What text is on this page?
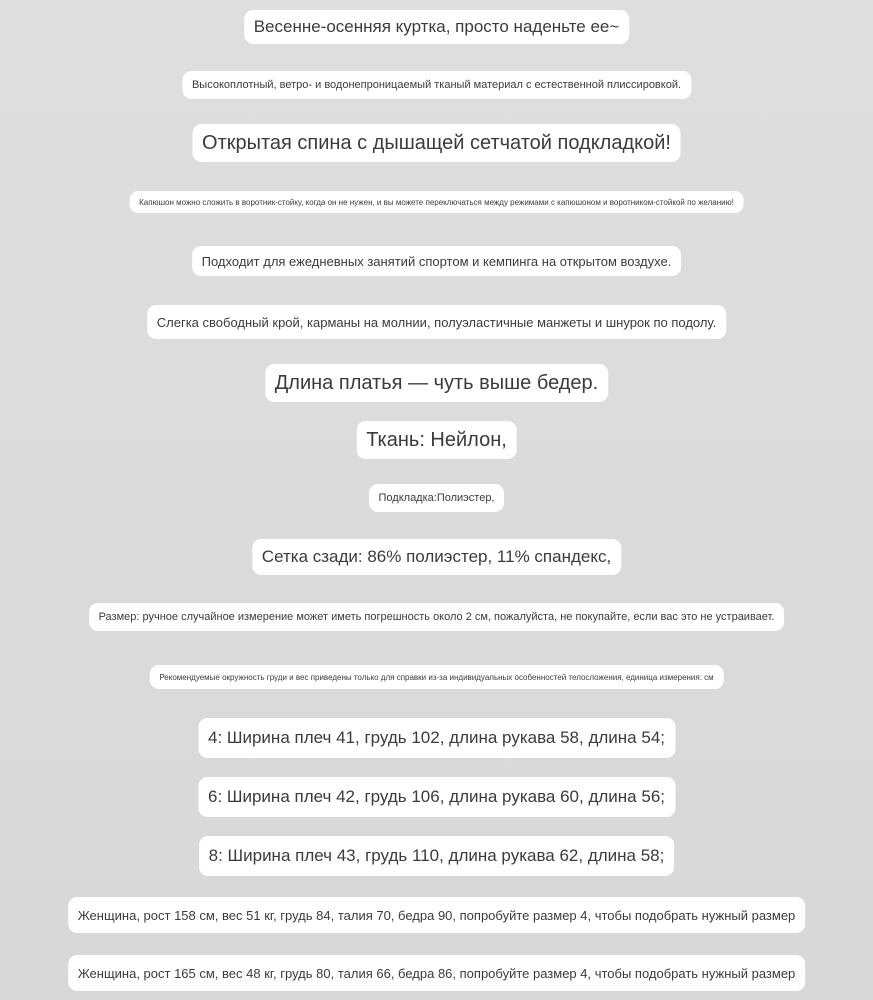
Весенне-осенняя куртка, просто наденьте ее~
Высокоплотный, ветро- и водонепроницаемый тканый материал с естественной плиссировкой.
Открытая спина с дышащей сетчатой подкладкой!
Капюшон можно сложить в воротник-стойку, когда он не нужен, и вы можете переключаться между режимами с капюшоном и воротником-стойкой по желанию!
Подходит для ежедневных занятий спортом и кемпинга на открытом воздухе.
Слегка свободный крой, карманы на молнии, полуэластичные манжеты и шнурок по подолу.
Длина платья — чуть выше бедер.
Ткань: Нейлон,
Подкладка:Полиэстер,
Сетка сзади: 86% полиэстер, 11% спандекс,
Размер: ручное случайное измерение может иметь погрешность около 2 см, пожалуйста, не покупайте, если вас это не устраивает.
Рекомендуемые окружность груди и вес приведены только для справки из-за индивидуальных особенностей телосложения, единица измерения: см
4: Ширина плеч 41, грудь 102, длина рукава 58, длина 54;
6: Ширина плеч 42, грудь 106, длина рукава 60, длина 56;
8: Ширина плеч 43, грудь 110, длина рукава 62, длина 58;
Женщина, рост 158 см, вес 51 кг, грудь 84, талия 70, бедра 90, попробуйте размер 4, чтобы подобрать нужный размер
Женщина, рост 165 см, вес 48 кг, грудь 80, талия 66, бедра 86, попробуйте размер 4, чтобы подобрать нужный размер
